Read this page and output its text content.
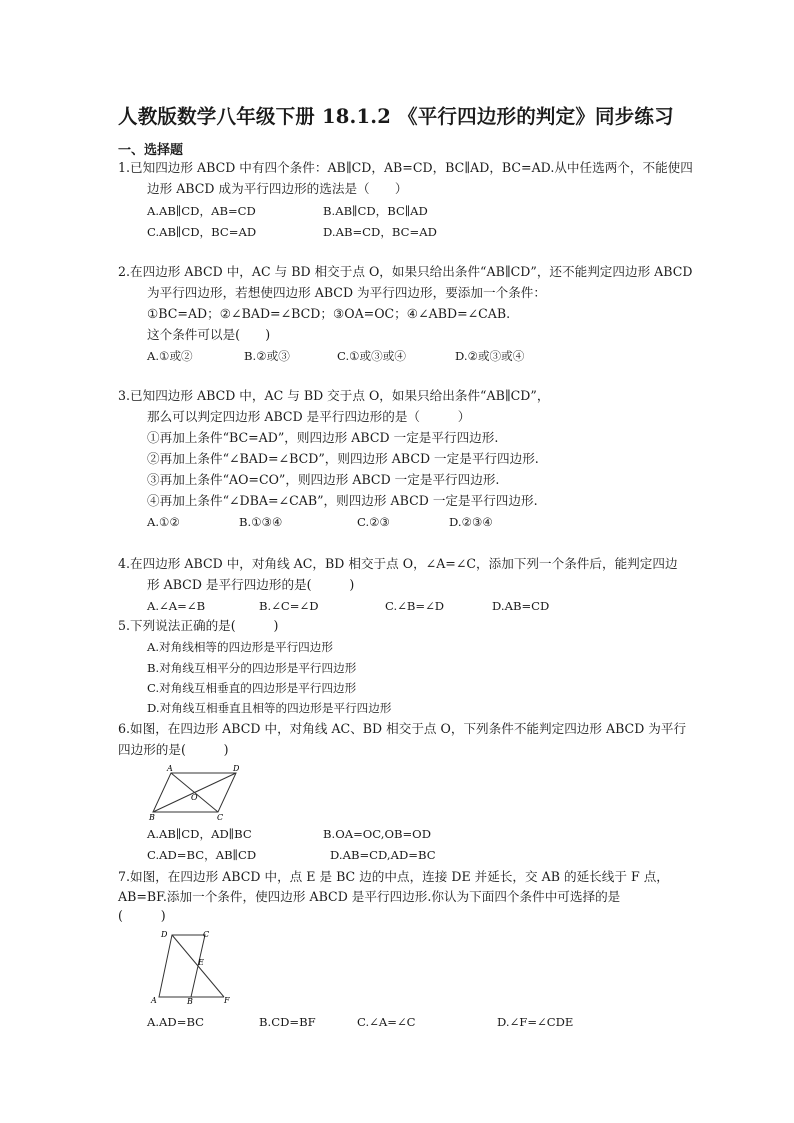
人教版数学八年级下册 18.1.2 《平行四边形的判定》同步练习
一、选择题
1.已知四边形 ABCD 中有四个条件：AB∥CD，AB=CD，BC∥AD，BC=AD.从中任选两个，不能使四
边形 ABCD 成为平行四边形的选法是（　　）
A.AB∥CD，AB=CD	B.AB∥CD，BC∥AD
C.AB∥CD，BC=AD	D.AB=CD，BC=AD
2.在四边形 ABCD 中，AC 与 BD 相交于点 O，如果只给出条件“AB∥CD”，还不能判定四边形 ABCD
为平行四边形，若想使四边形 ABCD 为平行四边形，要添加一个条件：
①BC=AD；②∠BAD=∠BCD；③OA=OC；④∠ABD=∠CAB.
这个条件可以是(　　)
A.①或②	B.②或③	C.①或③或④	D.②或③或④
3.已知四边形 ABCD 中，AC 与 BD 交于点 O，如果只给出条件“AB∥CD”，
那么可以判定四边形 ABCD 是平行四边形的是（　　　）
①再加上条件“BC=AD”，则四边形 ABCD 一定是平行四边形.
②再加上条件“∠BAD=∠BCD”，则四边形 ABCD 一定是平行四边形.
③再加上条件“AO=CO”，则四边形 ABCD 一定是平行四边形.
④再加上条件“∠DBA=∠CAB”，则四边形 ABCD 一定是平行四边形.
A.①②	B.①③④	C.②③	D.②③④
4.在四边形 ABCD 中，对角线 AC，BD 相交于点 O，∠A=∠C，添加下列一个条件后，能判定四边
形 ABCD 是平行四边形的是(　　　)
A.∠A=∠B	B.∠C=∠D	C.∠B=∠D	D.AB=CD
5.下列说法正确的是(　　　)
A.对角线相等的四边形是平行四边形
B.对角线互相平分的四边形是平行四边形
C.对角线互相垂直的四边形是平行四边形
D.对角线互相垂直且相等的四边形是平行四边形
6.如图，在四边形 ABCD 中，对角线 AC、BD 相交于点 O，下列条件不能判定四边形 ABCD 为平行
四边形的是(　　　)
A	D
B	C
O
A.AB∥CD，AD∥BC	B.OA=OC,OB=OD
C.AD=BC，AB∥CD	D.AB=CD,AD=BC
7.如图，在四边形 ABCD 中，点 E 是 BC 边的中点，连接 DE 并延长，交 AB 的延长线于 F 点，
AB=BF.添加一个条件，使四边形 ABCD 是平行四边形.你认为下面四个条件中可选择的是
(　　　)
D	C
E
A	B	F
A.AD=BC	B.CD=BF	C.∠A=∠C	D.∠F=∠CDE
